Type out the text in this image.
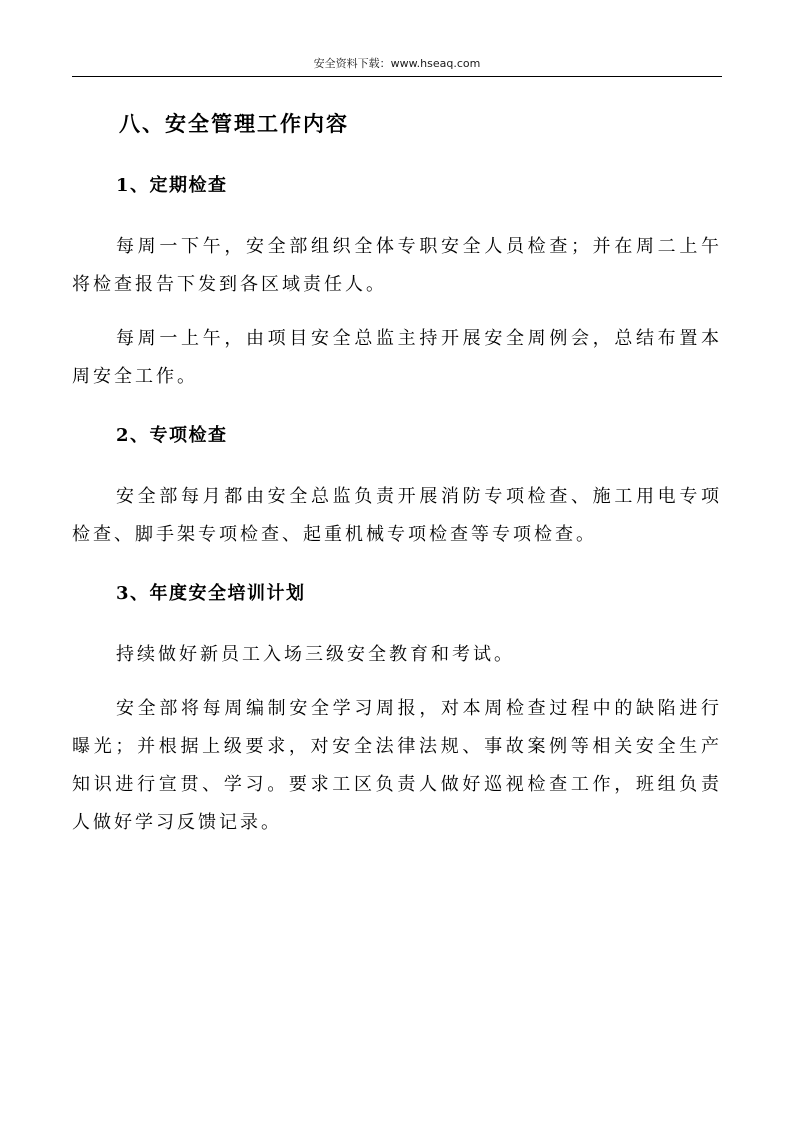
安全资料下载：www.hseaq.com
八、安全管理工作内容
1、定期检查

每周一下午，安全部组织全体专职安全人员检查；并在周二上午将检查报告下发到各区域责任人。

每周一上午，由项目安全总监主持开展安全周例会，总结布置本周安全工作。

2、专项检查

安全部每月都由安全总监负责开展消防专项检查、施工用电专项检查、脚手架专项检查、起重机械专项检查等专项检查。

3、年度安全培训计划

持续做好新员工入场三级安全教育和考试。

安全部将每周编制安全学习周报，对本周检查过程中的缺陷进行曝光；并根据上级要求，对安全法律法规、事故案例等相关安全生产知识进行宣贯、学习。要求工区负责人做好巡视检查工作，班组负责人做好学习反馈记录。
